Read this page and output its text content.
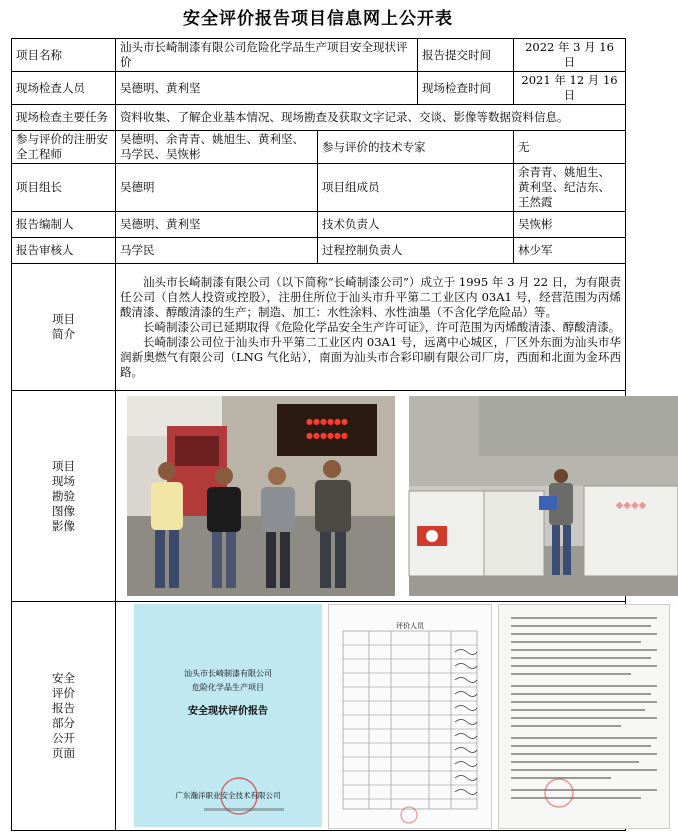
安全评价报告项目信息网上公开表
项目名称	汕头市长崎制漆有限公司危险化学品生产项目安全现状评价		报告提交时间	2022 年 3 月 16 日
现场检查人员	吴德明、黄利坚		现场检查时间	2021 年 12 月 16 日
现场检查主要任务	资料收集、了解企业基本情况、现场勘查及获取文字记录、交谈、影像等数据资料信息。			
参与评价的注册安全工程师	吴德明、余青青、姚旭生、黄利坚、马学民、吴恢彬	参与评价的技术专家		无
项目组长	吴德明	项目组成员		余青青、姚旭生、黄利坚、纪洁东、王然霞
报告编制人	吴德明、黄利坚	技术负责人		吴恢彬
报告审核人	马学民	过程控制负责人		林少军

项目简介	汕头市长崎制漆有限公司（以下简称“长崎制漆公司”）成立于 1995 年 3 月 22 日，为有限责任公司（自然人投资或控股），注册住所位于汕头市升平第二工业区内 03A1 号，经营范围为丙烯酸清漆、醇酸清漆的生产；制造、加工：水性涂料、水性油墨（不含化学危险品）等。

长崎制漆公司已延期取得《危险化学品安全生产许可证》，许可范围为丙烯酸清漆、醇酸清漆。

长崎制漆公司位于汕头市升平第二工业区内 03A1 号，远离中心城区，厂区外东面为汕头市华润新奥燃气有限公司（LNG 气化站），南面为汕头市合彩印刷有限公司厂房，西面和北面为金环西路。			

项目现场勘验图像影像	●●●●●●
●●●●●●
◆◆◆◆			

安全评价报告部分公开页面	汕头市长崎制漆有限公司
危险化学品生产项目
安全现状评价报告
广东瀚洋职业安全技术有限公司
评价人员			
